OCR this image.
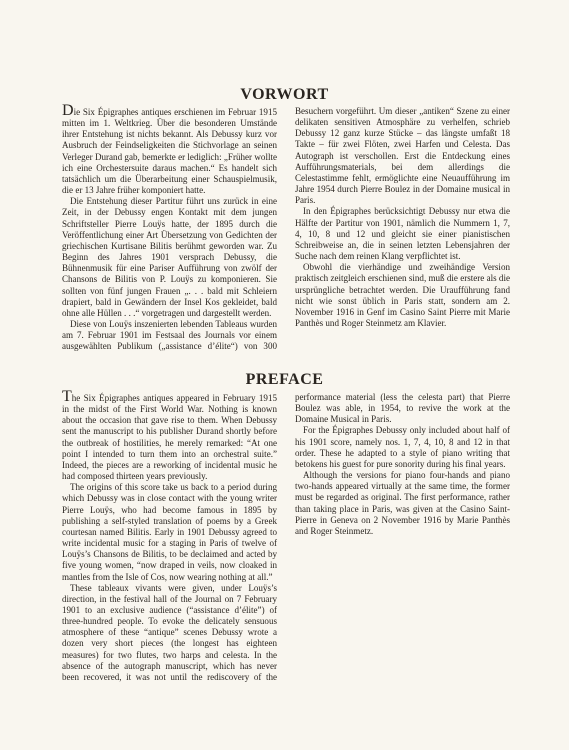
VORWORT

Die Six Épigraphes antiques erschienen im Februar 1915 mitten im 1. Weltkrieg. Über die besonderen Umstände ihrer Entstehung ist nichts bekannt. Als Debussy kurz vor Ausbruch der Feindseligkeiten die Stichvorlage an seinen Verleger Durand gab, bemerkte er lediglich: „Früher wollte ich eine Orchestersuite daraus machen.“ Es handelt sich tatsächlich um die Überarbeitung einer Schauspielmusik, die er 13 Jahre früher komponiert hatte.

Die Entstehung dieser Partitur führt uns zurück in eine Zeit, in der Debussy engen Kontakt mit dem jungen Schriftsteller Pierre Louÿs hatte, der 1895 durch die Veröffentlichung einer Art Übersetzung von Gedichten der griechischen Kurtisane Bilitis berühmt geworden war. Zu Beginn des Jahres 1901 versprach Debussy, die Bühnenmusik für eine Pariser Aufführung von zwölf der Chansons de Bilitis von P. Louÿs zu komponieren. Sie sollten von fünf jungen Frauen „. . . bald mit Schleiern drapiert, bald in Gewändern der Insel Kos gekleidet, bald ohne alle Hüllen . . .“ vorgetragen und dargestellt werden.

Diese von Louÿs inszenierten lebenden Tableaus wurden am 7. Februar 1901 im Festsaal des Journals vor einem ausgewählten Publikum („assistance d’élite“) von 300 Besuchern vorgeführt. Um dieser „antiken“ Szene zu einer delikaten sensitiven Atmosphäre zu verhelfen, schrieb Debussy 12 ganz kurze Stücke – das längste umfaßt 18 Takte – für zwei Flöten, zwei Harfen und Celesta. Das Autograph ist verschollen. Erst die Entdeckung eines Aufführungsmaterials, bei dem allerdings die Celestastimme fehlt, ermöglichte eine Neuaufführung im Jahre 1954 durch Pierre Boulez in der Domaine musical in Paris.

In den Épigraphes berücksichtigt Debussy nur etwa die Hälfte der Partitur von 1901, nämlich die Nummern 1, 7, 4, 10, 8 und 12 und gleicht sie einer pianistischen Schreibweise an, die in seinen letzten Lebensjahren der Suche nach dem reinen Klang verpflichtet ist.

Obwohl die vierhändige und zweihändige Version praktisch zeitgleich erschienen sind, muß die erstere als die ursprüngliche betrachtet werden. Die Uraufführung fand nicht wie sonst üblich in Paris statt, sondern am 2. November 1916 in Genf im Casino Saint Pierre mit Marie Panthès und Roger Steinmetz am Klavier.

PREFACE

The Six Épigraphes antiques appeared in February 1915 in the midst of the First World War. Nothing is known about the occasion that gave rise to them. When Debussy sent the manuscript to his publisher Durand shortly before the outbreak of hostilities, he merely remarked: “At one point I intended to turn them into an orchestral suite.” Indeed, the pieces are a reworking of incidental music he had composed thirteen years previously.

The origins of this score take us back to a period during which Debussy was in close contact with the young writer Pierre Louÿs, who had become famous in 1895 by publishing a self-styled translation of poems by a Greek courtesan named Bilitis. Early in 1901 Debussy agreed to write incidental music for a staging in Paris of twelve of Louÿs’s Chansons de Bilitis, to be declaimed and acted by five young women, “now draped in veils, now cloaked in mantles from the Isle of Cos, now wearing nothing at all.”

These tableaux vivants were given, under Louÿs’s direction, in the festival hall of the Journal on 7 February 1901 to an exclusive audience (“assistance d’élite”) of three-hundred people. To evoke the delicately sensuous atmosphere of these “antique” scenes Debussy wrote a dozen very short pieces (the longest has eighteen measures) for two flutes, two harps and celesta. In the absence of the autograph manuscript, which has never been recovered, it was not until the rediscovery of the performance material (less the celesta part) that Pierre Boulez was able, in 1954, to revive the work at the Domaine Musical in Paris.

For the Épigraphes Debussy only included about half of his 1901 score, namely nos. 1, 7, 4, 10, 8 and 12 in that order. These he adapted to a style of piano writing that betokens his guest for pure sonority during his final years.

Although the versions for piano four-hands and piano two-hands appeared virtually at the same time, the former must be regarded as original. The first performance, rather than taking place in Paris, was given at the Casino Saint-Pierre in Geneva on 2 November 1916 by Marie Panthès and Roger Steinmetz.
